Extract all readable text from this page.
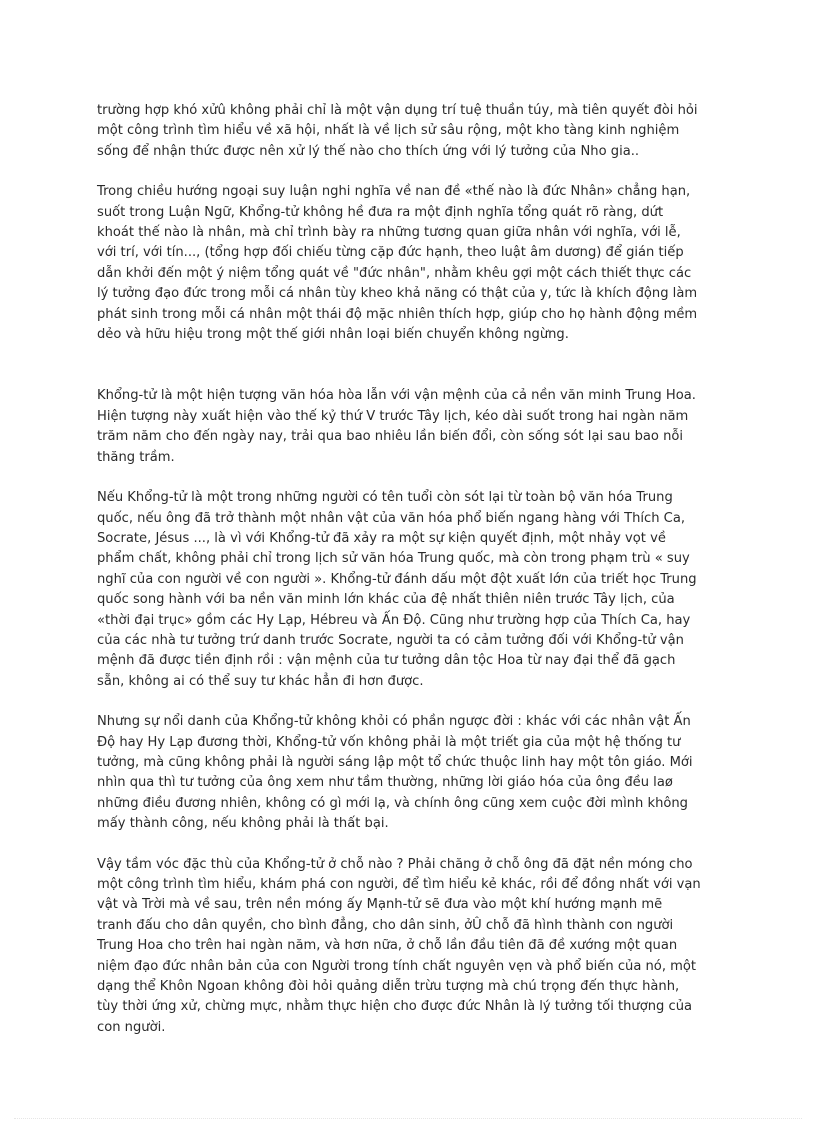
trường hợp khó xửû không phải chỉ là một vận dụng trí tuệ thuần túy, mà tiên quyết đòi hỏi
một công trình tìm hiểu về xã hội, nhất là về lịch sử sâu rộng, một kho tàng kinh nghiệm
sống để nhận thức được nên xử lý thế nào cho thích ứng với lý tưởng của Nho gia..

Trong chiều hướng ngoại suy luận nghi nghĩa về nan đề «thế nào là đức Nhân» chẳng hạn,
suốt trong Luận Ngữ, Khổng-tử không hề đưa ra một định nghĩa tổng quát rõ ràng, dứt
khoát thế nào là nhân, mà chỉ trình bày ra những tương quan giữa nhân với nghĩa, với lễ,
với trí, với tín..., (tổng hợp đối chiếu từng cặp đức hạnh, theo luật âm dương) để gián tiếp
dẫn khởi đến một ý niệm tổng quát về "đức nhân", nhằm khêu gợi một cách thiết thực các
lý tưởng đạo đức trong mỗi cá nhân tùy kheo khả năng có thật của y, tức là khích động làm
phát sinh trong mỗi cá nhân một thái độ mặc nhiên thích hợp, giúp cho họ hành động mềm
dẻo và hữu hiệu trong một thế giới nhân loại biến chuyển không ngừng.

Khổng-tử là một hiện tượng văn hóa hòa lẫn với vận mệnh của cả nền văn minh Trung Hoa.
Hiện tượng này xuất hiện vào thế kỷ thứ V trước Tây lịch, kéo dài suốt trong hai ngàn năm
trăm năm cho đến ngày nay, trải qua bao nhiêu lần biến đổi, còn sống sót lại sau bao nỗi
thăng trầm.

Nếu Khổng-tử là một trong những người có tên tuổi còn sót lại từ toàn bộ văn hóa Trung
quốc, nếu ông đã trở thành một nhân vật của văn hóa phổ biến ngang hàng với Thích Ca,
Socrate, Jésus ..., là vì với Khổng-tử đã xảy ra một sự kiện quyết định, một nhảy vọt về
phẩm chất, không phải chỉ trong lịch sử văn hóa Trung quốc, mà còn trong phạm trù « suy
nghĩ của con người về con người ». Khổng-tử đánh dấu một đột xuất lớn của triết học Trung
quốc song hành với ba nền văn minh lớn khác của đệ nhất thiên niên trước Tây lịch, của
«thời đại trục» gồm các Hy Lạp, Hébreu và Ấn Độ. Cũng như trường hợp của Thích Ca, hay
của các nhà tư tưởng trứ danh trước Socrate, người ta có cảm tưởng đối với Khổng-tử vận
mệnh đã được tiền định rồi : vận mệnh của tư tưởng dân tộc Hoa từ nay đại thể đã gạch
sẵn, không ai có thể suy tư khác hẳn đi hơn được.

Nhưng sự nổi danh của Khổng-tử không khỏi có phần ngược đời : khác với các nhân vật Ấn
Độ hay Hy Lạp đương thời, Khổng-tử vốn không phải là một triết gia của một hệ thống tư
tưởng, mà cũng không phải là người sáng lập một tổ chức thuộc linh hay một tôn giáo. Mới
nhìn qua thì tư tưởng của ông xem như tầm thường, những lời giáo hóa của ông đều laø
những điều đương nhiên, không có gì mới lạ, và chính ông cũng xem cuộc đời mình không
mấy thành công, nếu không phải là thất bại.

Vậy tầm vóc đặc thù của Khổng-tử ở chỗ nào ? Phải chăng ở chỗ ông đã đặt nền móng cho
một công trình tìm hiểu, khám phá con người, để tìm hiểu kẻ khác, rồi để đồng nhất với vạn
vật và Trời mà về sau, trên nền móng ấy Mạnh-tử sẽ đưa vào một khí hướng mạnh mẽ
tranh đấu cho dân quyền, cho bình đẳng, cho dân sinh, ởÛ chỗ đã hình thành con người
Trung Hoa cho trên hai ngàn năm, và hơn nữa, ở chỗ lần đầu tiên đã đề xướng một quan
niệm đạo đức nhân bản của con Người trong tính chất nguyên vẹn và phổ biến của nó, một
dạng thể Khôn Ngoan không đòi hỏi quảng diễn trừu tượng mà chú trọng đến thực hành,
tùy thời ứng xử, chừng mực, nhằm thực hiện cho được đức Nhân là lý tưởng tối thượng của
con người.
